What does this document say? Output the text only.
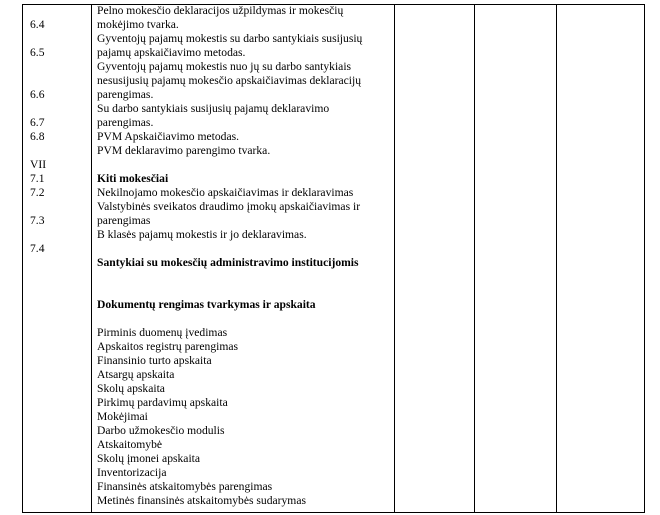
6.4
6.5
6.6
6.7
6.8
VII
7.1
7.2
7.3
7.4
Pelno mokesčio deklaracijos užpildymas ir mokesčių
mokėjimo tvarka.
Gyventojų pajamų mokestis su darbo santykiais susijusių
pajamų apskaičiavimo metodas.
Gyventojų pajamų mokestis nuo jų su darbo santykiais
nesusijusių pajamų mokesčio apskaičiavimas deklaracijų
parengimas.
Su darbo santykiais susijusių pajamų deklaravimo
parengimas.
PVM Apskaičiavimo metodas.
PVM deklaravimo parengimo tvarka.
Kiti mokesčiai
Nekilnojamo mokesčio apskaičiavimas ir deklaravimas
Valstybinės sveikatos draudimo įmokų apskaičiavimas ir
parengimas
B klasės pajamų mokestis ir jo deklaravimas.
Santykiai su mokesčių administravimo institucijomis
Dokumentų rengimas tvarkymas ir apskaita
Pirminis duomenų įvedimas
Apskaitos registrų parengimas
Finansinio turto apskaita
Atsargų apskaita
Skolų apskaita
Pirkimų pardavimų apskaita
Mokėjimai
Darbo užmokesčio modulis
Atskaitomybė
Skolų įmonei apskaita
Inventorizacija
Finansinės atskaitomybės parengimas
Metinės finansinės atskaitomybės sudarymas
